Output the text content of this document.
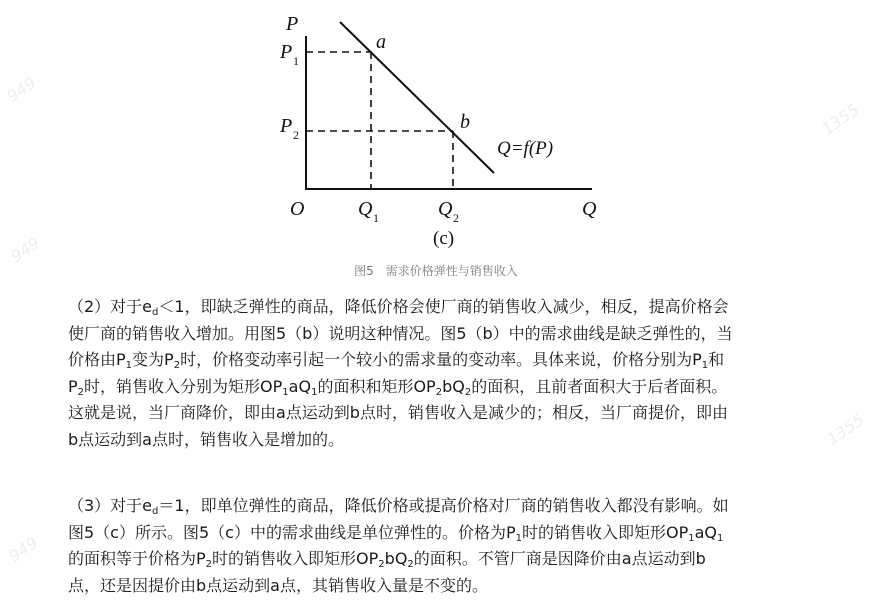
P
P 1
P 2
a
b
Q=f(P)
O	Q 1	Q 2	Q
(c)
图5　需求价格弹性与销售收入
（2）对于$e_d<1$，即缺乏弹性的商品，降低价格会使厂商的销售收入减少，相反，提高价格会
使厂商的销售收入增加。用图5（b）说明这种情况。图5（b）中的需求曲线是缺乏弹性的，当
价格由$P_1$变为$P_2$时，价格变动率引起一个较小的需求量的变动率。具体来说，价格分别为$P_1$和
$P_2$时，销售收入分别为矩形$OP_1aQ_1$的面积和矩形$OP_2bQ_2$的面积，且前者面积大于后者面积。
这就是说，当厂商降价，即由a点运动到b点时，销售收入是减少的；相反，当厂商提价，即由
b点运动到a点时，销售收入是增加的。
（3）对于$e_d=1$，即单位弹性的商品，降低价格或提高价格对厂商的销售收入都没有影响。如
图5（c）所示。图5（c）中的需求曲线是单位弹性的。价格为$P_1$时的销售收入即矩形$OP_1aQ_1$
的面积等于价格为$P_2$时的销售收入即矩形$OP_2bQ_2$的面积。不管厂商是因降价由a点运动到b
点，还是因提价由b点运动到a点，其销售收入量是不变的。
949
1355
949
1355
949
